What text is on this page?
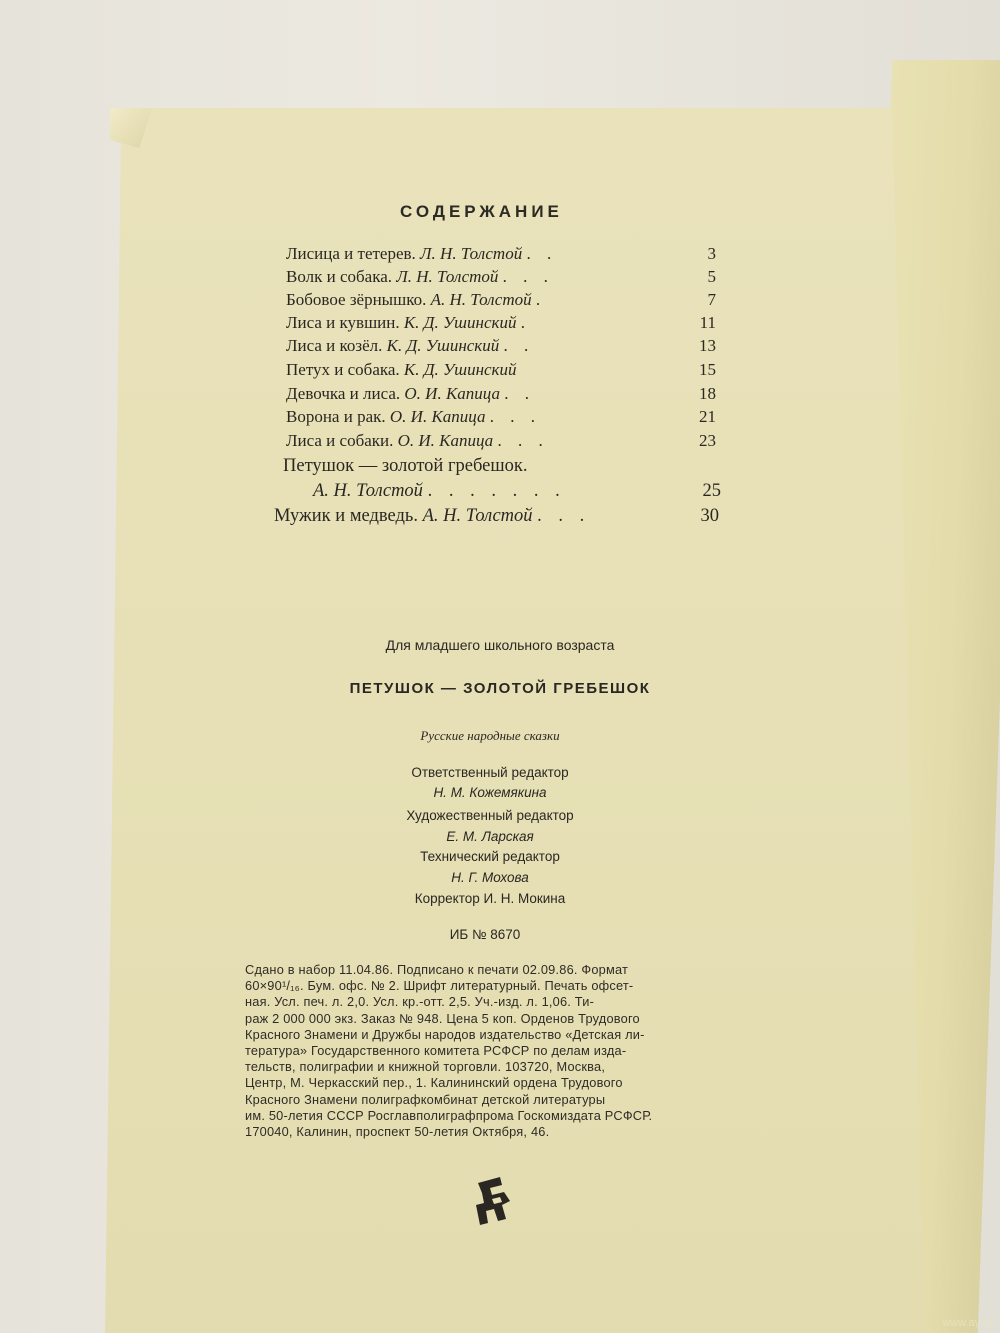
СОДЕРЖАНИЕ
Лисица и тетерев. Л. Н. Толстой . .	3
Волк и собака. Л. Н. Толстой . . .	5
Бобовое зёрнышко. А. Н. Толстой .	7
Лиса и кувшин. К. Д. Ушинский .	11
Лиса и козёл. К. Д. Ушинский . .	13
Петух и собака. К. Д. Ушинский	15
Девочка и лиса. О. И. Капица . .	18
Ворона и рак. О. И. Капица . . .	21
Лиса и собаки. О. И. Капица . . .	23
Петушок — золотой гребешок.
А. Н. Толстой . . . . . . .	25
Мужик и медведь. А. Н. Толстой . . .	30
Для младшего школьного возраста
ПЕТУШОК — ЗОЛОТОЙ ГРЕБЕШОК
Русские народные сказки
Ответственный редактор
Н. М. Кожемякина
Художественный редактор
Е. М. Ларская
Технический редактор
Н. Г. Мохова
Корректор И. Н. Мокина
ИБ № 8670
Сдано в набор 11.04.86. Подписано к печати 02.09.86. Формат
60×90¹/₁₆. Бум. офс. № 2. Шрифт литературный. Печать офсет-
ная. Усл. печ. л. 2,0. Усл. кр.-отт. 2,5. Уч.-изд. л. 1,06. Ти-
раж 2 000 000 экз. Заказ № 948. Цена 5 коп. Орденов Трудового
Красного Знамени и Дружбы народов издательство «Детская ли-
тература» Государственного комитета РСФСР по делам изда-
тельств, полиграфии и книжной торговли. 103720, Москва,
Центр, М. Черкасский пер., 1. Калининский ордена Трудового
Красного Знамени полиграфкомбинат детской литературы
им. 50-летия СССР Росглавполиграфпрома Госкомиздата РСФСР.
170040, Калинин, проспект 50-летия Октября, 46.
www.ay.by
